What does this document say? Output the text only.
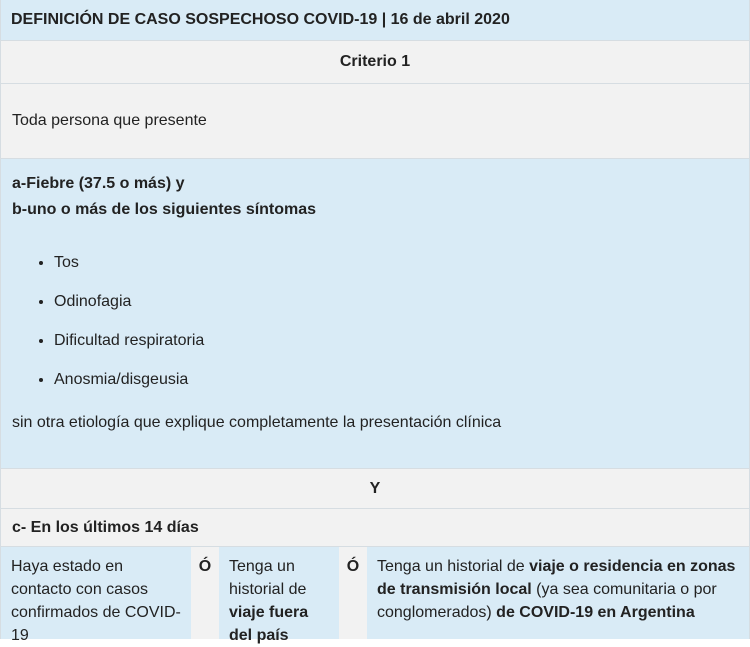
DEFINICIÓN DE CASO SOSPECHOSO COVID-19 | 16 de abril 2020
Criterio 1
Toda persona que presente
a-Fiebre (37.5 o más) y
b-uno o más de los siguientes síntomas
• Tos
• Odinofagia
• Dificultad respiratoria
• Anosmia/disgeusia
sin otra etiología que explique completamente la presentación clínica
Y
c- En los últimos 14 días
Haya estado en contacto con casos confirmados de COVID-19
Ó	Tenga un historial de viaje fuera del país
Ó	Tenga un historial de viaje o residencia en zonas de transmisión local (ya sea comunitaria o por conglomerados) de COVID-19 en Argentina
